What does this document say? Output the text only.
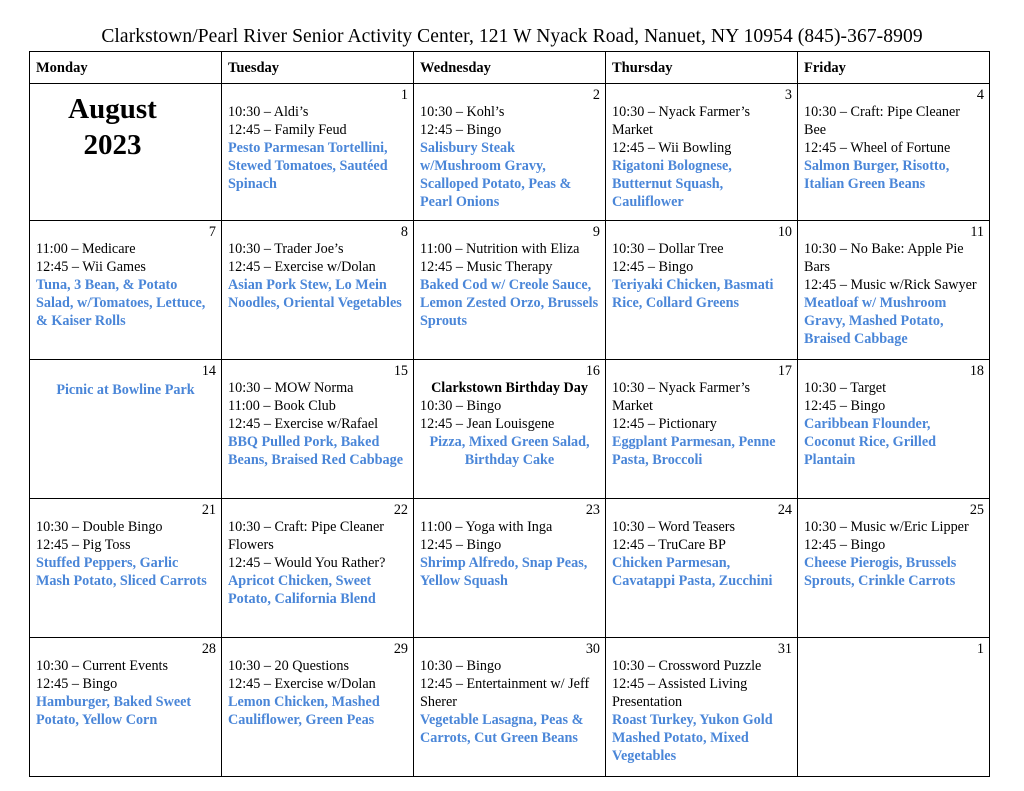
Clarkstown/Pearl River Senior Activity Center, 121 W Nyack Road, Nanuet, NY 10954 (845)-367-8909
Monday	Tuesday	Wednesday	Thursday	Friday

August
2023	1
10:30 – Aldi’s
12:45 – Family Feud
Pesto Parmesan Tortellini, Stewed Tomatoes, Sautéed Spinach	2
10:30 – Kohl’s
12:45 – Bingo
Salisbury Steak w/Mushroom Gravy, Scalloped Potato, Peas & Pearl Onions	3
10:30 – Nyack Farmer’s Market
12:45 – Wii Bowling
Rigatoni Bolognese, Butternut Squash, Cauliflower	4
10:30 – Craft: Pipe Cleaner Bee
12:45 – Wheel of Fortune
Salmon Burger, Risotto, Italian Green Beans

7
11:00 – Medicare
12:45 – Wii Games
Tuna, 3 Bean, & Potato Salad, w/Tomatoes, Lettuce, & Kaiser Rolls	8
10:30 – Trader Joe’s
12:45 – Exercise w/Dolan
Asian Pork Stew, Lo Mein Noodles, Oriental Vegetables	9
11:00 – Nutrition with Eliza
12:45 – Music Therapy
Baked Cod w/ Creole Sauce, Lemon Zested Orzo, Brussels Sprouts	10
10:30 – Dollar Tree
12:45 – Bingo
Teriyaki Chicken, Basmati Rice, Collard Greens	11
10:30 – No Bake: Apple Pie Bars
12:45 – Music w/Rick Sawyer
Meatloaf w/ Mushroom Gravy, Mashed Potato, Braised Cabbage

14
Picnic at Bowline Park	15
10:30 – MOW Norma
11:00 – Book Club
12:45 – Exercise w/Rafael
BBQ Pulled Pork, Baked Beans, Braised Red Cabbage	16
Clarkstown Birthday Day
10:30 – Bingo
12:45 – Jean Louisgene
Pizza, Mixed Green Salad, Birthday Cake	17
10:30 – Nyack Farmer’s Market
12:45 – Pictionary
Eggplant Parmesan, Penne Pasta, Broccoli	18
10:30 – Target
12:45 – Bingo
Caribbean Flounder, Coconut Rice, Grilled Plantain

21
10:30 – Double Bingo
12:45 – Pig Toss
Stuffed Peppers, Garlic Mash Potato, Sliced Carrots	22
10:30 – Craft: Pipe Cleaner Flowers
12:45 – Would You Rather?
Apricot Chicken, Sweet Potato, California Blend	23
11:00 – Yoga with Inga
12:45 – Bingo
Shrimp Alfredo, Snap Peas, Yellow Squash	24
10:30 – Word Teasers
12:45 – TruCare BP
Chicken Parmesan, Cavatappi Pasta, Zucchini	25
10:30 – Music w/Eric Lipper
12:45 – Bingo
Cheese Pierogis, Brussels Sprouts, Crinkle Carrots

28
10:30 – Current Events
12:45 – Bingo
Hamburger, Baked Sweet Potato, Yellow Corn	29
10:30 – 20 Questions
12:45 – Exercise w/Dolan
Lemon Chicken, Mashed Cauliflower, Green Peas	30
10:30 – Bingo
12:45 – Entertainment w/ Jeff Sherer
Vegetable Lasagna, Peas & Carrots, Cut Green Beans	31
10:30 – Crossword Puzzle
12:45 – Assisted Living Presentation
Roast Turkey, Yukon Gold Mashed Potato, Mixed Vegetables	1
